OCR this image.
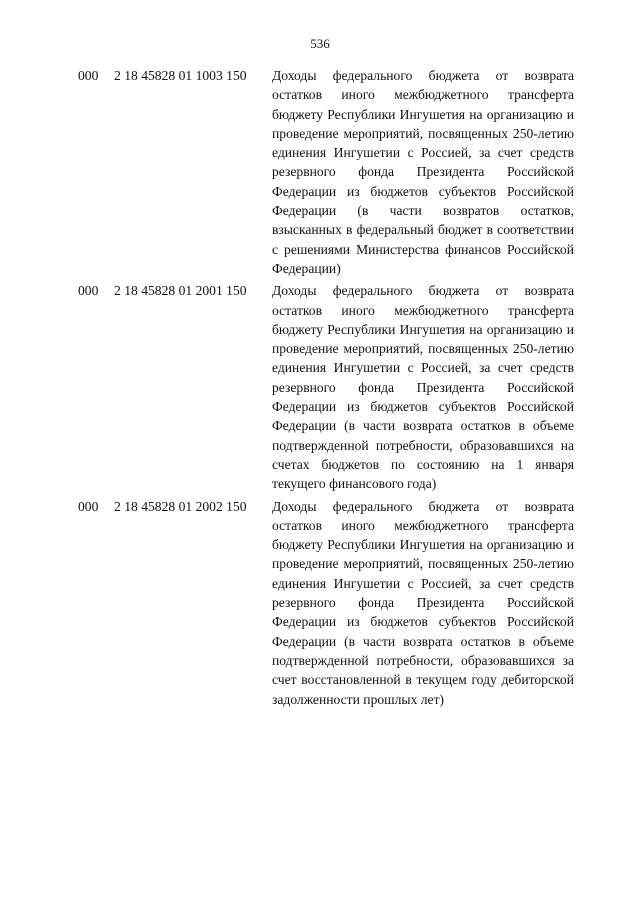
536
000 2 18 45828 01 1003 150 Доходы федерального бюджета от возврата остатков иного межбюджетного трансферта бюджету Республики Ингушетия на организацию и проведение мероприятий, посвященных 250-летию единения Ингушетии с Россией, за счет средств резервного фонда Президента Российской Федерации из бюджетов субъектов Российской Федерации (в части возвратов остатков, взысканных в федеральный бюджет в соответствии с решениями Министерства финансов Российской Федерации)
000 2 18 45828 01 2001 150 Доходы федерального бюджета от возврата остатков иного межбюджетного трансферта бюджету Республики Ингушетия на организацию и проведение мероприятий, посвященных 250-летию единения Ингушетии с Россией, за счет средств резервного фонда Президента Российской Федерации из бюджетов субъектов Российской Федерации (в части возврата остатков в объеме подтвержденной потребности, образовавшихся на счетах бюджетов по состоянию на 1 января текущего финансового года)
000 2 18 45828 01 2002 150 Доходы федерального бюджета от возврата остатков иного межбюджетного трансферта бюджету Республики Ингушетия на организацию и проведение мероприятий, посвященных 250-летию единения Ингушетии с Россией, за счет средств резервного фонда Президента Российской Федерации из бюджетов субъектов Российской Федерации (в части возврата остатков в объеме подтвержденной потребности, образовавшихся за счет восстановленной в текущем году дебиторской задолженности прошлых лет)
